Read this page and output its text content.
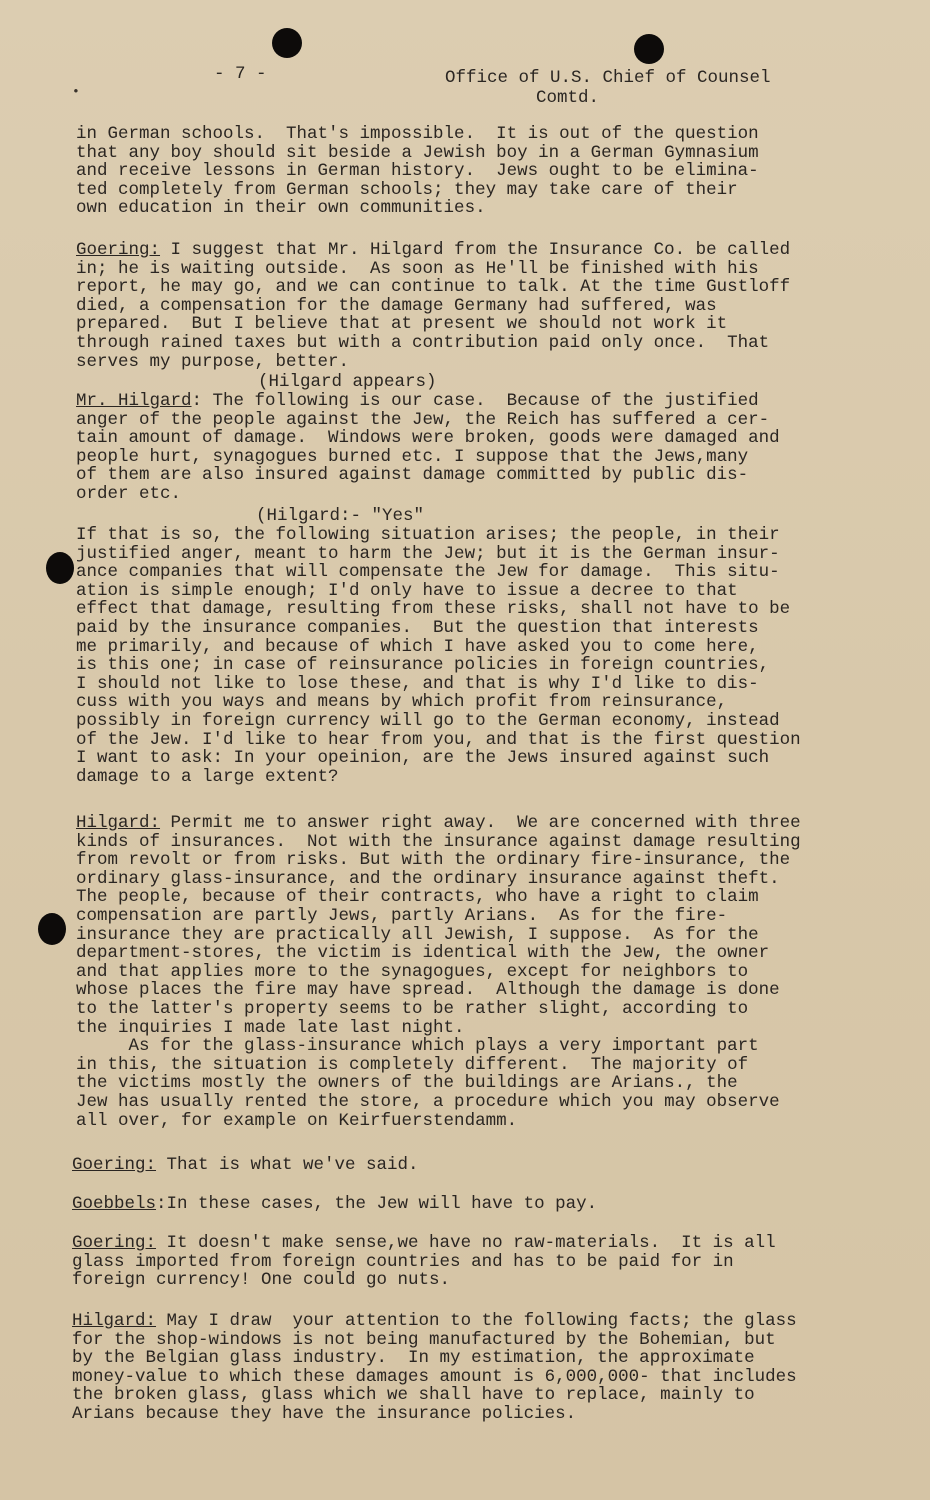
•
- 7 -	Office of U.S. Chief of Counsel
Comtd.
in German schools.  That's impossible.  It is out of the question
that any boy should sit beside a Jewish boy in a German Gymnasium
and receive lessons in German history.  Jews ought to be elimina-
ted completely from German schools; they may take care of their
own education in their own communities.
Goering: I suggest that Mr. Hilgard from the Insurance Co. be called
in; he is waiting outside.  As soon as He'll be finished with his
report, he may go, and we can continue to talk. At the time Gustloff
died, a compensation for the damage Germany had suffered, was
prepared.  But I believe that at present we should not work it
through rained taxes but with a contribution paid only once.  That
serves my purpose, better.
(Hilgard appears)
Mr. Hilgard: The following is our case.  Because of the justified
anger of the people against the Jew, the Reich has suffered a cer-
tain amount of damage.  Windows were broken, goods were damaged and
people hurt, synagogues burned etc. I suppose that the Jews,many
of them are also insured against damage committed by public dis-
order etc.
(Hilgard:- "Yes"
If that is so, the following situation arises; the people, in their
justified anger, meant to harm the Jew; but it is the German insur-
ance companies that will compensate the Jew for damage.  This situ-
ation is simple enough; I'd only have to issue a decree to that
effect that damage, resulting from these risks, shall not have to be
paid by the insurance companies.  But the question that interests
me primarily, and because of which I have asked you to come here,
is this one; in case of reinsurance policies in foreign countries,
I should not like to lose these, and that is why I'd like to dis-
cuss with you ways and means by which profit from reinsurance,
possibly in foreign currency will go to the German economy, instead
of the Jew. I'd like to hear from you, and that is the first question
I want to ask: In your opeinion, are the Jews insured against such
damage to a large extent?
Hilgard: Permit me to answer right away.  We are concerned with three
kinds of insurances.  Not with the insurance against damage resulting
from revolt or from risks. But with the ordinary fire-insurance, the
ordinary glass-insurance, and the ordinary insurance against theft.
The people, because of their contracts, who have a right to claim
compensation are partly Jews, partly Arians.  As for the fire-
insurance they are practically all Jewish, I suppose.  As for the
department-stores, the victim is identical with the Jew, the owner
and that applies more to the synagogues, except for neighbors to
whose places the fire may have spread.  Although the damage is done
to the latter's property seems to be rather slight, according to
the inquiries I made late last night.
As for the glass-insurance which plays a very important part
in this, the situation is completely different.  The majority of
the victims mostly the owners of the buildings are Arians., the
Jew has usually rented the store, a procedure which you may observe
all over, for example on Keirfuerstendamm.
Goering: That is what we've said.
Goebbels:In these cases, the Jew will have to pay.
Goering: It doesn't make sense,we have no raw-materials.  It is all
glass imported from foreign countries and has to be paid for in
foreign currency! One could go nuts.
Hilgard: May I draw  your attention to the following facts; the glass
for the shop-windows is not being manufactured by the Bohemian, but
by the Belgian glass industry.  In my estimation, the approximate
money-value to which these damages amount is 6,000,000- that includes
the broken glass, glass which we shall have to replace, mainly to
Arians because they have the insurance policies.
